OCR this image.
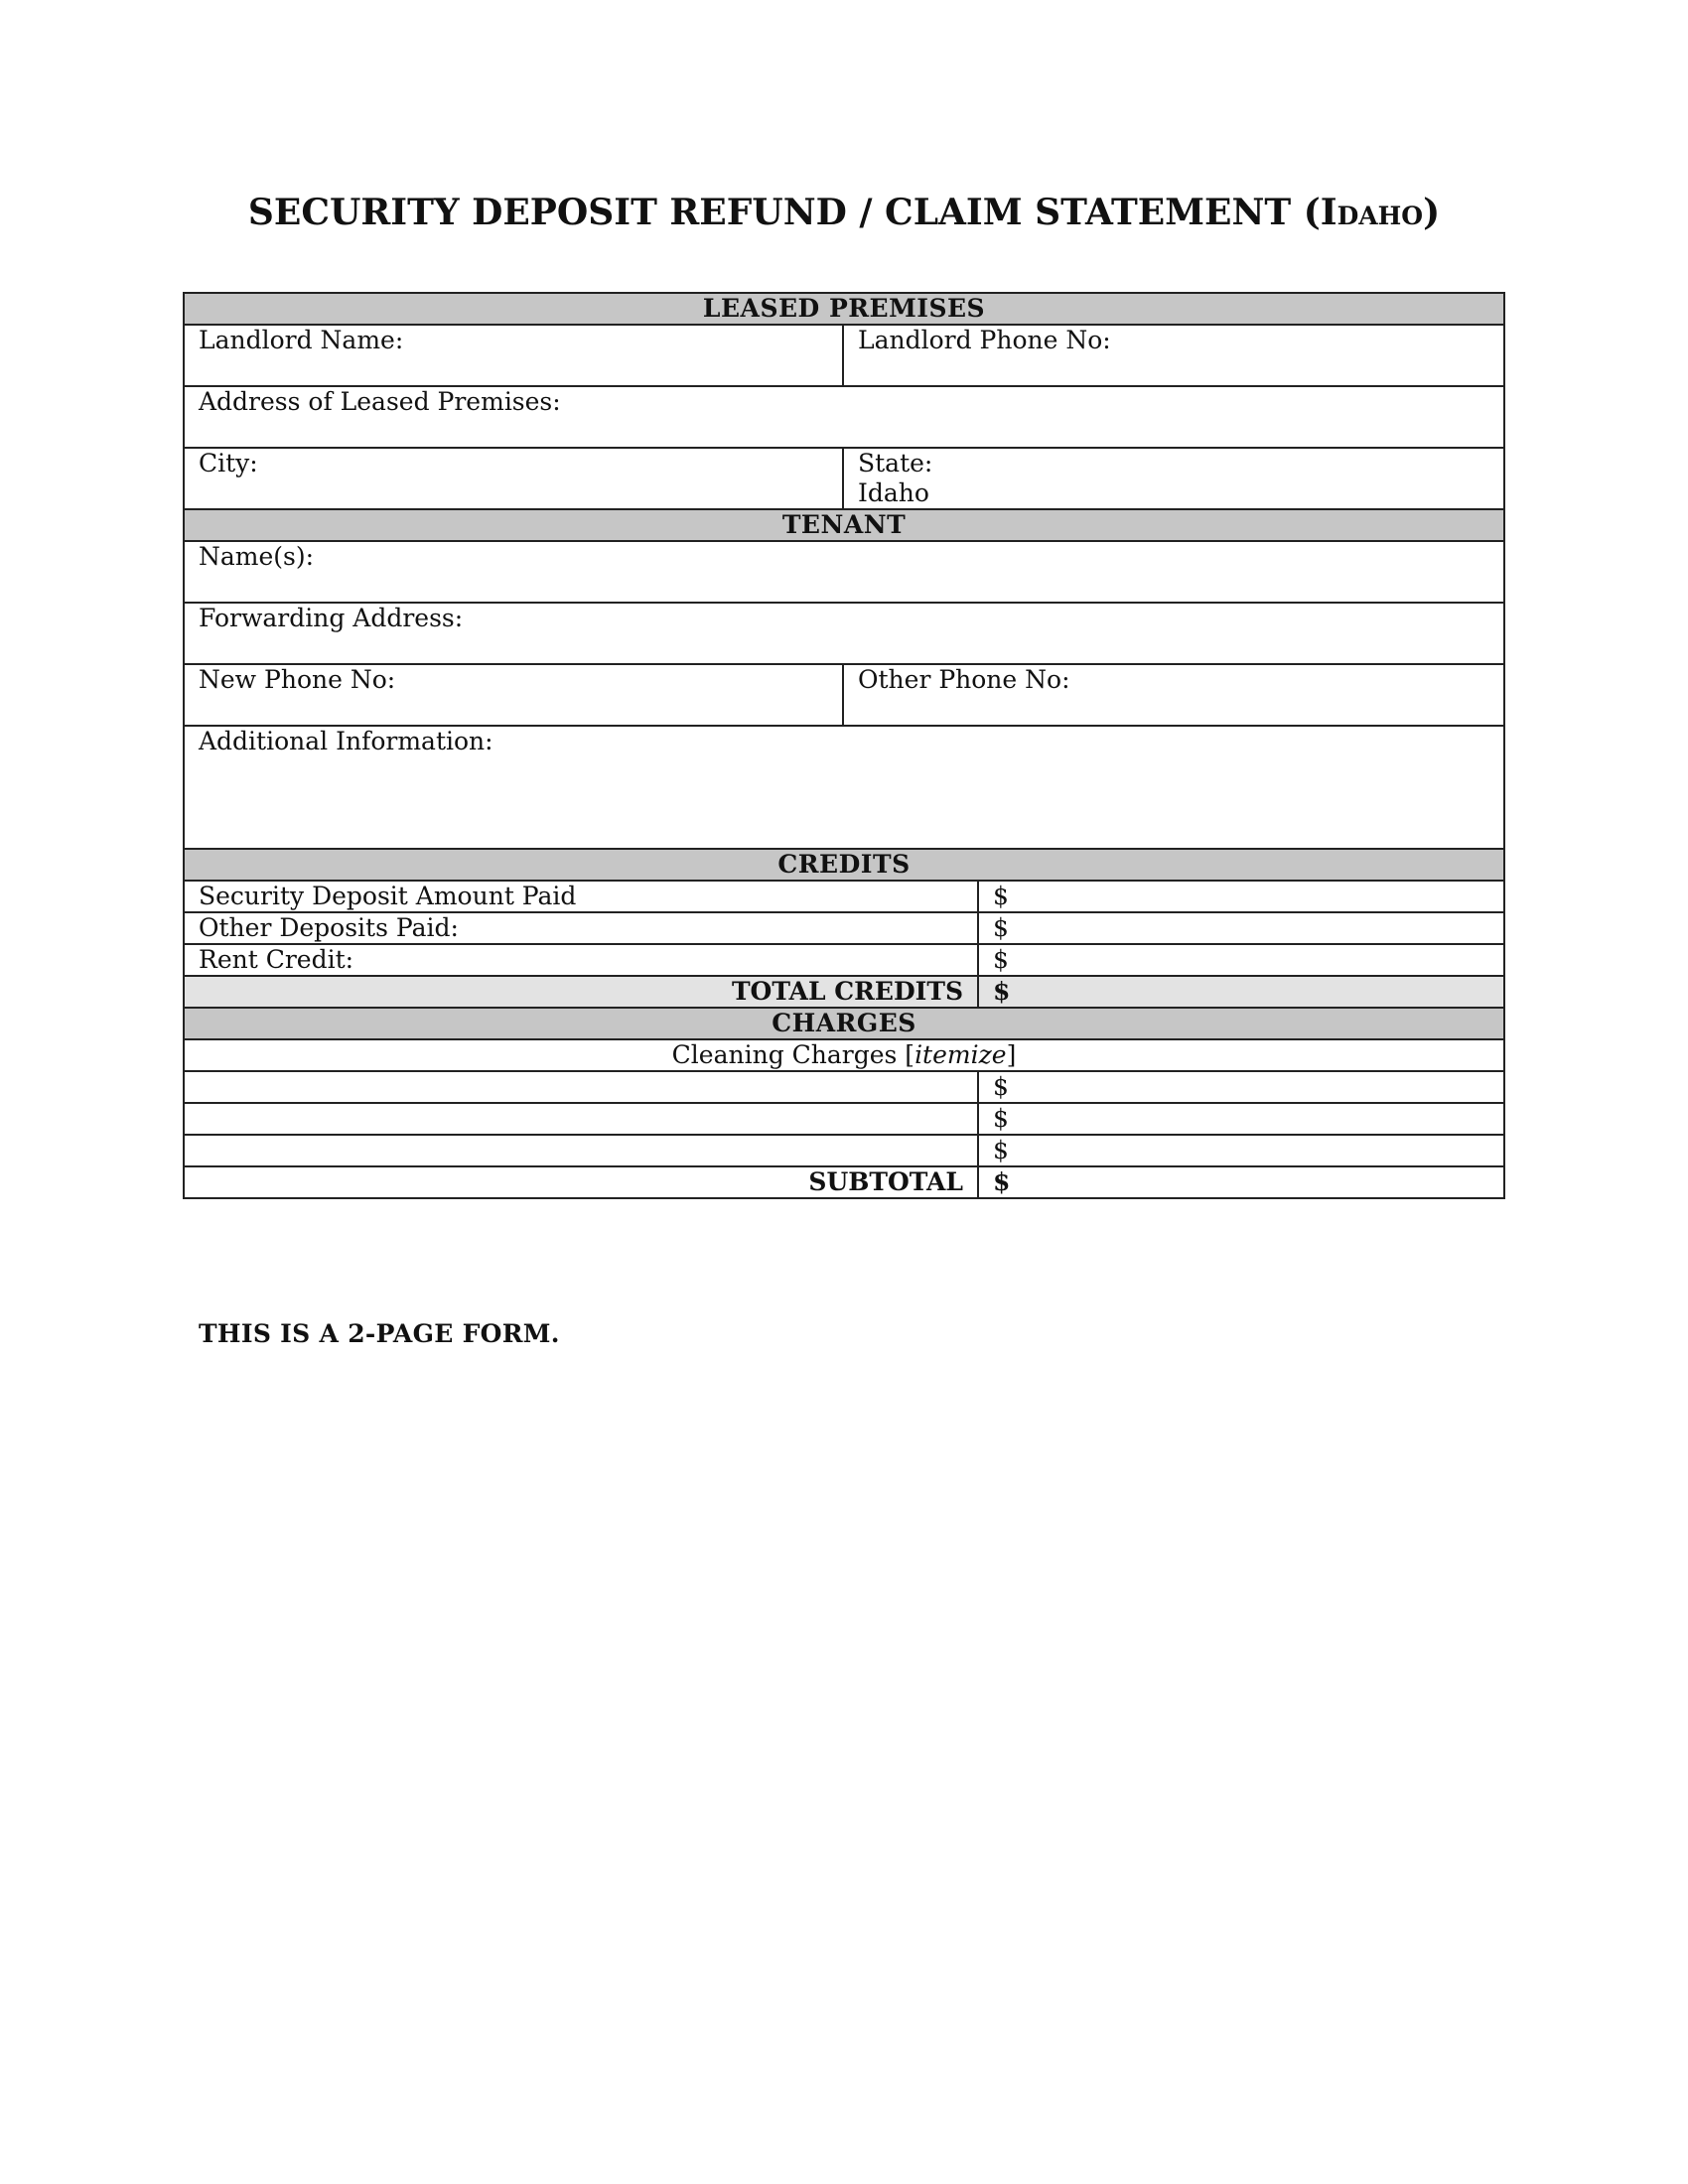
SECURITY DEPOSIT REFUND / CLAIM STATEMENT (Idaho)
LEASED PREMISES		
Landlord Name:	Landlord Phone No:	
Address of Leased Premises:		
City:	State:
Idaho	
TENANT		
Name(s):		
Forwarding Address:		
New Phone No:	Other Phone No:	
Additional Information:		
CREDITS		
Security Deposit Amount Paid		$
Other Deposits Paid:		$
Rent Credit:		$
TOTAL CREDITS		$
CHARGES		
Cleaning Charges [itemize]		
		$
		$
		$
SUBTOTAL		$
THIS IS A 2-PAGE FORM.
